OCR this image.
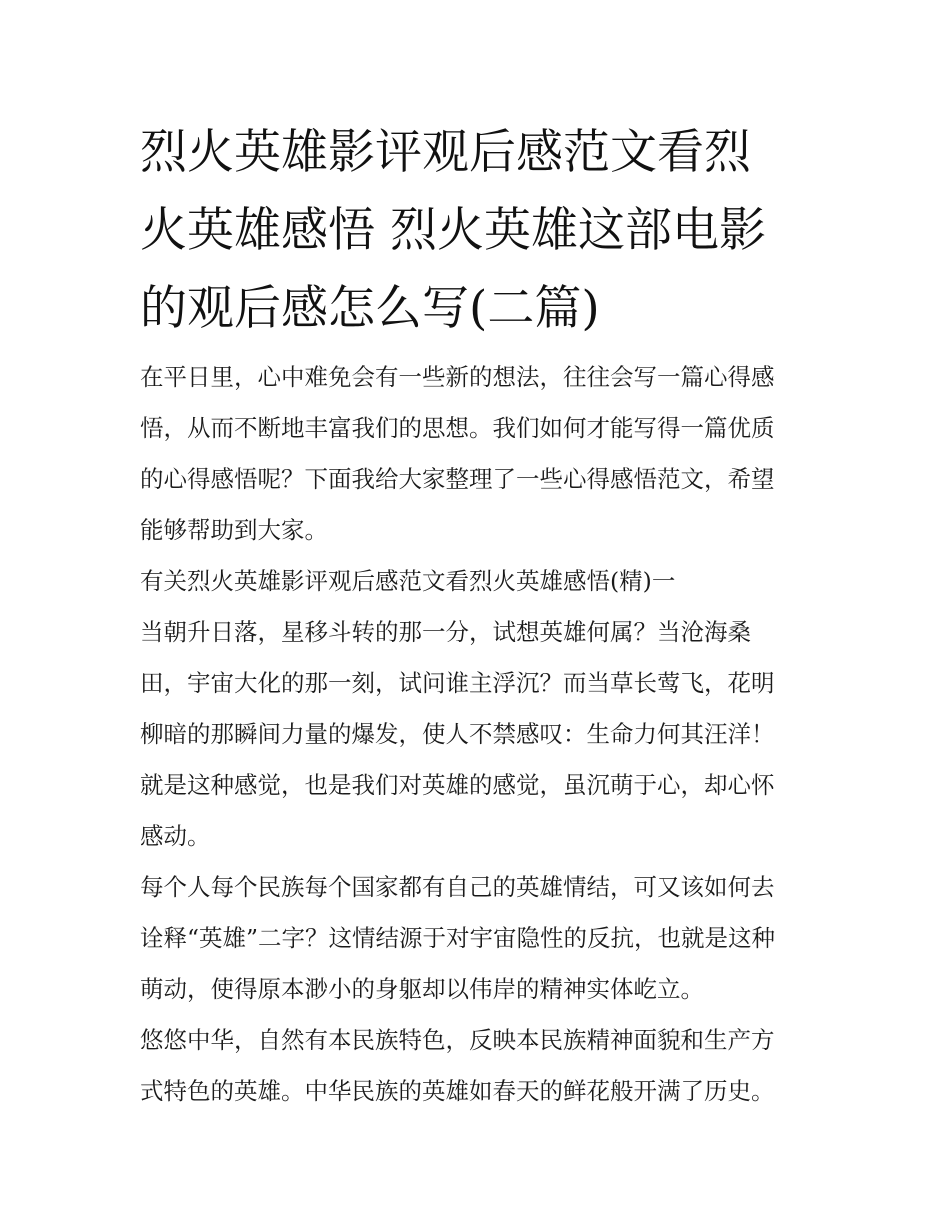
烈火英雄影评观后感范文看烈
火英雄感悟 烈火英雄这部电影
的观后感怎么写(二篇)
在平日里，心中难免会有一些新的想法，往往会写一篇心得感
悟，从而不断地丰富我们的思想。我们如何才能写得一篇优质
的心得感悟呢？下面我给大家整理了一些心得感悟范文，希望
能够帮助到大家。
有关烈火英雄影评观后感范文看烈火英雄感悟(精)一
当朝升日落，星移斗转的那一分，试想英雄何属？当沧海桑
田，宇宙大化的那一刻，试问谁主浮沉？而当草长莺飞，花明
柳暗的那瞬间力量的爆发，使人不禁感叹：生命力何其汪洋！
就是这种感觉，也是我们对英雄的感觉，虽沉萌于心，却心怀
感动。
每个人每个民族每个国家都有自己的英雄情结，可又该如何去
诠释“英雄”二字？这情结源于对宇宙隐性的反抗，也就是这种
萌动，使得原本渺小的身躯却以伟岸的精神实体屹立。
悠悠中华，自然有本民族特色，反映本民族精神面貌和生产方
式特色的英雄。中华民族的英雄如春天的鲜花般开满了历史。
